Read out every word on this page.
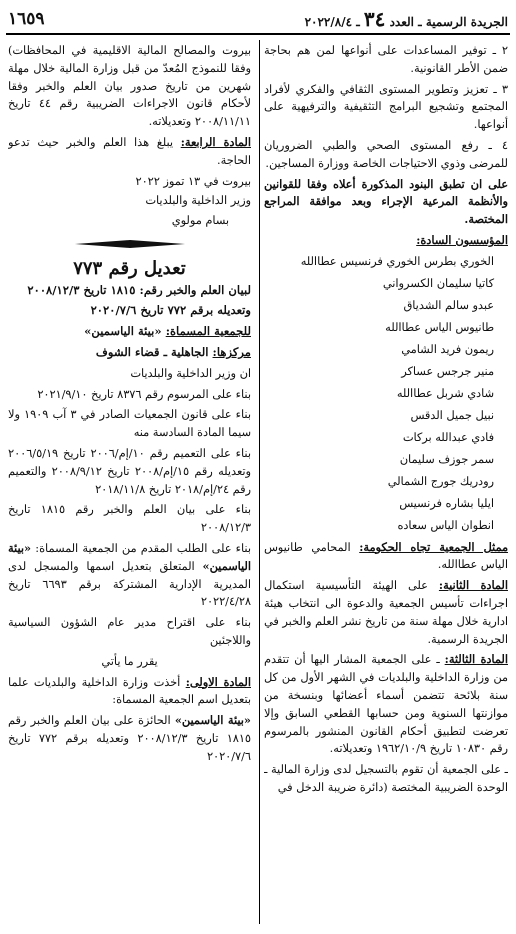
الجريدة الرسمية ـ العدد ٣٤ ـ ٢٠٢٢/٨/٤
١٦٥٩

٢ ـ توفير المساعدات على أنواعها لمن هم بحاجة ضمن الأطر القانونية.

٣ ـ تعزيز وتطوير المستوى الثقافي والفكري لأفراد المجتمع وتشجيع البرامج التثقيفية والترفيهية على أنواعها.

٤ ـ رفع المستوى الصحي والطبي الضروريان للمرضى وذوي الاحتياجات الخاصة ووزارة المساجين.

على ان تطبق البنود المذكورة أعلاه وفقا للقوانين والأنظمة المرعية الإجراء وبعد موافقة المراجع المختصة.

المؤسسون السادة:

الخوري بطرس الخوري فرنسيس عطاالله

كاتيا سليمان الكسرواني

عبدو سالم الشدياق

طانيوس الياس عطاالله

ريمون فريد الشامي

منير جرجس عساكر

شادي شربل عطاالله

نبيل جميل الدقس

فادي عبدالله بركات

سمر جوزف سليمان

رودريك جورج الشمالي

ايليا بشاره فرنسيس

انطوان الياس سعاده

ممثل الجمعية تجاه الحكومة: المحامي طانيوس الياس عطاالله.

المادة الثانية: على الهيئة التأسيسية استكمال اجراءات تأسيس الجمعية والدعوة الى انتخاب هيئة ادارية خلال مهلة سنة من تاريخ نشر العلم والخبر في الجريدة الرسمية.

المادة الثالثة: ـ على الجمعية المشار اليها أن تتقدم من وزارة الداخلية والبلديات في الشهر الأول من كل سنة بلائحة تتضمن أسماء أعضائها وبنسخة من موازنتها السنوية ومن حسابها القطعي السابق وإلا تعرضت لتطبيق أحكام القانون المنشور بالمرسوم رقم ١٠٨٣٠ تاريخ ١٩٦٢/١٠/٩ وتعديلاته.

ـ على الجمعية أن تقوم بالتسجيل لدى وزارة المالية ـ الوحدة الضريبية المختصة (دائرة ضريبة الدخل في

بيروت والمصالح المالية الاقليمية في المحافظات) وفقا للنموذج المُعدّ من قبل وزارة المالية خلال مهلة شهرين من تاريخ صدور بيان العلم والخبر وفقا لأحكام قانون الاجراءات الضريبية رقم ٤٤ تاريخ ٢٠٠٨/١١/١١ وتعديلاته.

المادة الرابعة: يبلغ هذا العلم والخبر حيث تدعو الحاجة.

بيروت في ١٣ تموز ٢٠٢٢

وزير الداخلية والبلديات

بسام مولوي

تعديل رقم ٧٧٣

لبيان العلم والخبر رقم: ١٨١٥ تاريخ ٢٠٠٨/١٢/٣

وتعديله برقم ٧٧٢ تاريخ ٢٠٢٠/٧/٦

للجمعية المسماة: «بيئة الياسمين»

مركزها: الجاهلية ـ قضاء الشوف

ان وزير الداخلية والبلديات

بناء على المرسوم رقم ٨٣٧٦ تاريخ ٢٠٢١/٩/١٠

بناء على قانون الجمعيات الصادر في ٣ آب ١٩٠٩ ولا سيما المادة السادسة منه

بناء على التعميم رقم ١٠/إم/٢٠٠٦ تاريخ ٢٠٠٦/٥/١٩ وتعديله رقم ١٥/إم/٢٠٠٨ تاريخ ٢٠٠٨/٩/١٢ والتعميم رقم ٢٤/إم/٢٠١٨ تاريخ ٢٠١٨/١١/٨

بناء على بيان العلم والخبر رقم ١٨١٥ تاريخ ٢٠٠٨/١٢/٣

بناء على الطلب المقدم من الجمعية المسماة: «بيئة الياسمين» المتعلق بتعديل اسمها والمسجل لدى المديرية الإدارية المشتركة برقم ٦٦٩٣ تاريخ ٢٠٢٢/٤/٢٨

بناء على اقتراح مدير عام الشؤون السياسية واللاجئين

يقرر ما يأتي

المادة الاولى: أخذت وزارة الداخلية والبلديات علما بتعديل اسم الجمعية المسماة:

«بيئة الياسمين» الحائزة على بيان العلم والخبر رقم ١٨١٥ تاريخ ٢٠٠٨/١٢/٣ وتعديله برقم ٧٧٢ تاريخ ٢٠٢٠/٧/٦
